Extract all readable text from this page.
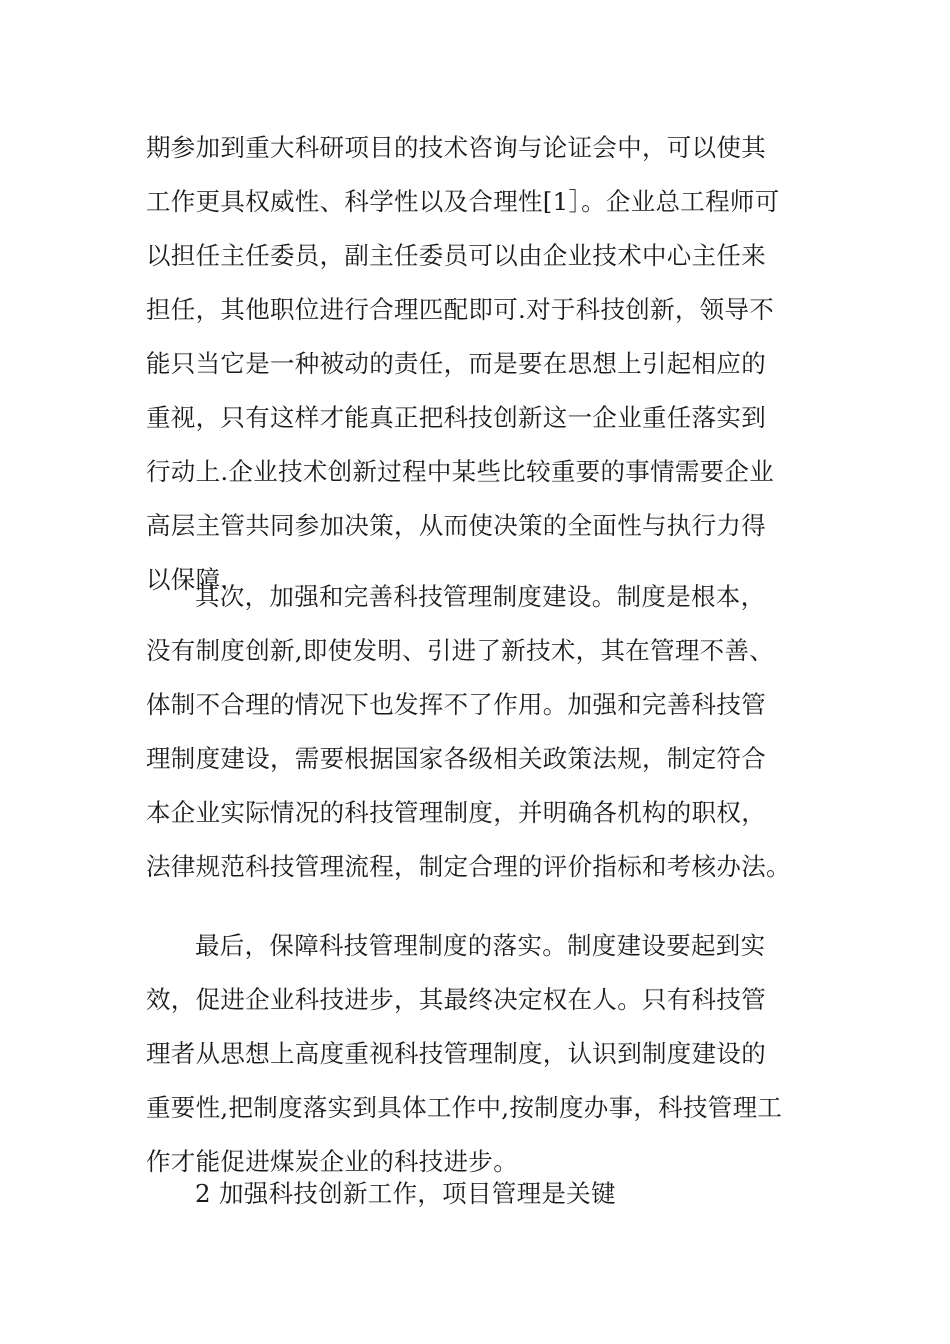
期参加到重大科研项目的技术咨询与论证会中，可以使其
工作更具权威性、科学性以及合理性[1］。企业总工程师可
以担任主任委员，副主任委员可以由企业技术中心主任来
担任，其他职位进行合理匹配即可.对于科技创新，领导不
能只当它是一种被动的责任，而是要在思想上引起相应的
重视，只有这样才能真正把科技创新这一企业重任落实到
行动上.企业技术创新过程中某些比较重要的事情需要企业
高层主管共同参加决策，从而使决策的全面性与执行力得
以保障.
其次，加强和完善科技管理制度建设。制度是根本，
没有制度创新,即使发明、引进了新技术，其在管理不善、
体制不合理的情况下也发挥不了作用。加强和完善科技管
理制度建设，需要根据国家各级相关政策法规，制定符合
本企业实际情况的科技管理制度，并明确各机构的职权，
法律规范科技管理流程，制定合理的评价指标和考核办法。
最后，保障科技管理制度的落实。制度建设要起到实
效，促进企业科技进步，其最终决定权在人。只有科技管
理者从思想上高度重视科技管理制度，认识到制度建设的
重要性,把制度落实到具体工作中,按制度办事，科技管理工
作才能促进煤炭企业的科技进步。
2 加强科技创新工作，项目管理是关键
